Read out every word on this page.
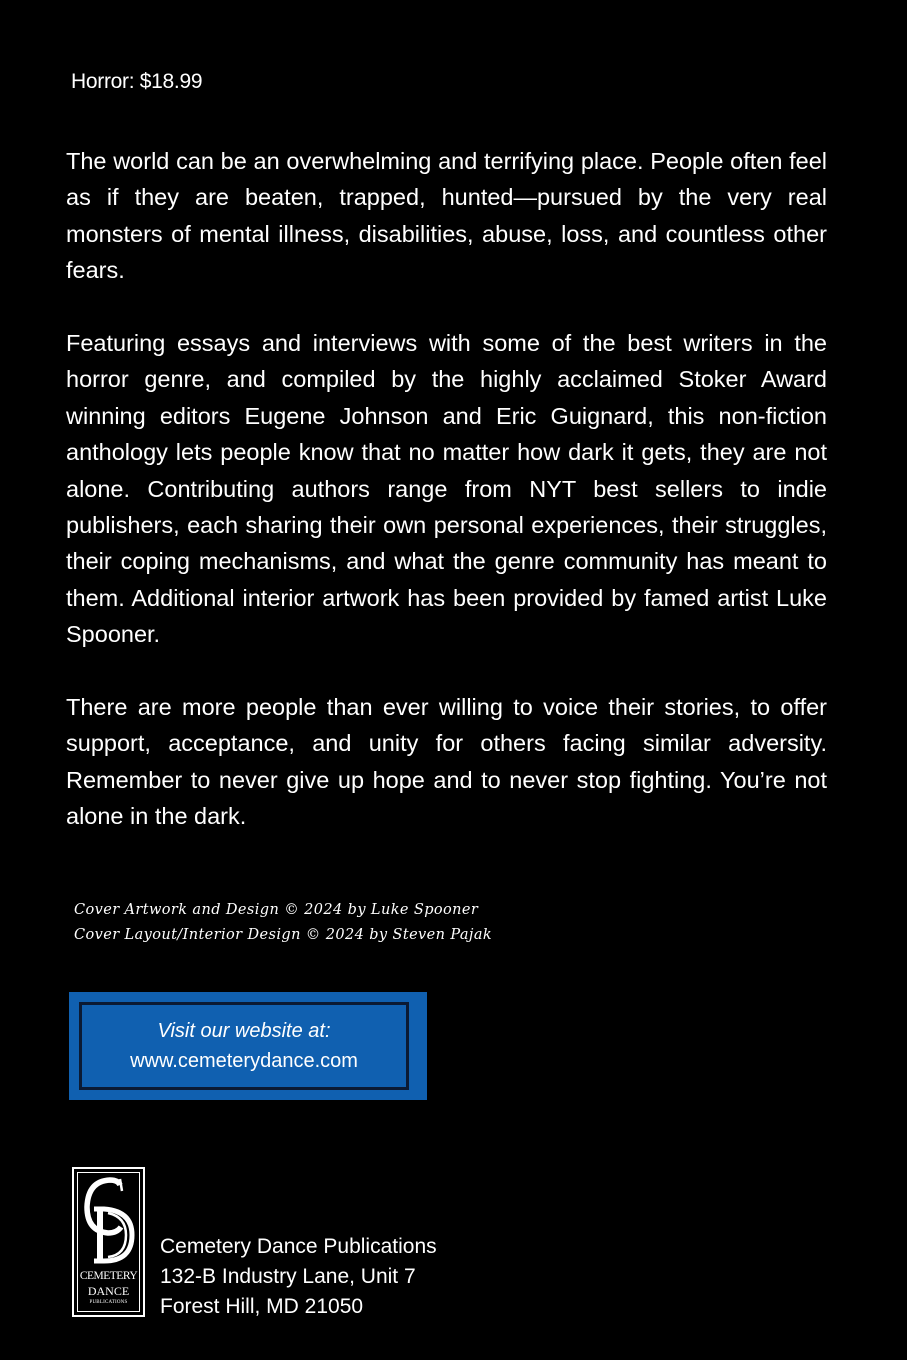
Horror: $18.99

The world can be an overwhelming and terrifying place. People often feel as if they are beaten, trapped, hunted—pursued by the very real monsters of mental illness, disabilities, abuse, loss, and countless other fears.

Featuring essays and interviews with some of the best writers in the horror genre, and compiled by the highly acclaimed Stoker Award winning editors Eugene Johnson and Eric Guignard, this non-fiction anthology lets people know that no matter how dark it gets, they are not alone. Contributing authors range from NYT best sellers to indie publishers, each sharing their own personal experiences, their struggles, their coping mechanisms, and what the genre community has meant to them. Additional interior artwork has been provided by famed artist Luke Spooner.

There are more people than ever willing to voice their stories, to offer support, acceptance, and unity for others facing similar adversity. Remember to never give up hope and to never stop fighting. You’re not alone in the dark.

Cover Artwork and Design © 2024 by Luke Spooner
Cover Layout/Interior Design © 2024 by Steven Pajak
Visit our website at:
www.cemeterydance.com
CEMETERY
DANCE
PUBLICATIONS
Cemetery Dance Publications
132-B Industry Lane, Unit 7
Forest Hill, MD 21050
